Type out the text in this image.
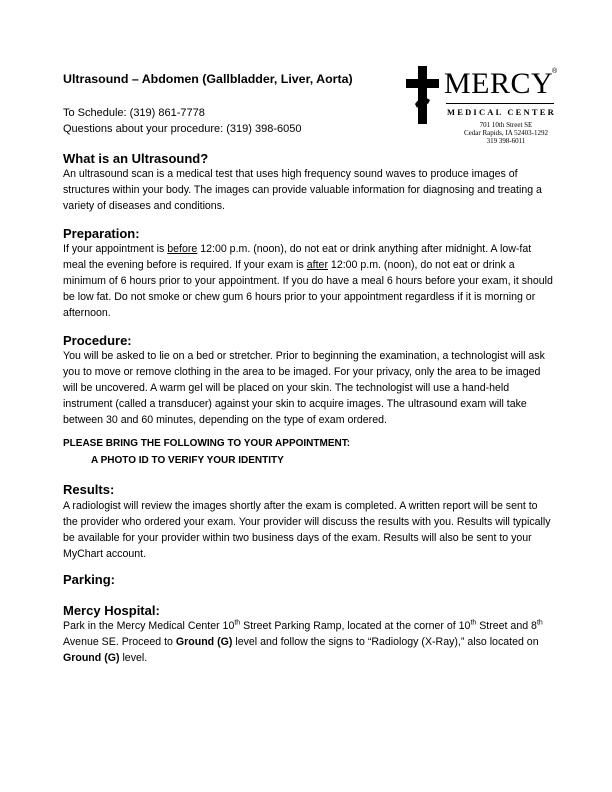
Ultrasound – Abdomen (Gallbladder, Liver, Aorta)
To Schedule: (319) 861-7778
Questions about your procedure: (319) 398-6050
MERCY
®
MEDICAL CENTER
701 10th Street SE
Cedar Rapids, IA 52403-1292
319 398-6011
What is an Ultrasound?
An ultrasound scan is a medical test that uses high frequency sound waves to produce images of structures within your body. The images can provide valuable information for diagnosing and treating a variety of diseases and conditions.
Preparation:
If your appointment is before 12:00 p.m. (noon), do not eat or drink anything after midnight. A low-fat meal the evening before is required. If your exam is after 12:00 p.m. (noon), do not eat or drink a minimum of 6 hours prior to your appointment. If you do have a meal 6 hours before your exam, it should be low fat. Do not smoke or chew gum 6 hours prior to your appointment regardless if it is morning or afternoon.
Procedure:
You will be asked to lie on a bed or stretcher. Prior to beginning the examination, a technologist will ask you to move or remove clothing in the area to be imaged. For your privacy, only the area to be imaged will be uncovered. A warm gel will be placed on your skin. The technologist will use a hand-held instrument (called a transducer) against your skin to acquire images. The ultrasound exam will take between 30 and 60 minutes, depending on the type of exam ordered.
PLEASE BRING THE FOLLOWING TO YOUR APPOINTMENT:
A PHOTO ID TO VERIFY YOUR IDENTITY
Results:
A radiologist will review the images shortly after the exam is completed. A written report will be sent to the provider who ordered your exam. Your provider will discuss the results with you. Results will typically be available for your provider within two business days of the exam. Results will also be sent to your MyChart account.
Parking:
Mercy Hospital:
Park in the Mercy Medical Center 10th Street Parking Ramp, located at the corner of 10th Street and 8th Avenue SE. Proceed to Ground (G) level and follow the signs to “Radiology (X-Ray),” also located on Ground (G) level.
